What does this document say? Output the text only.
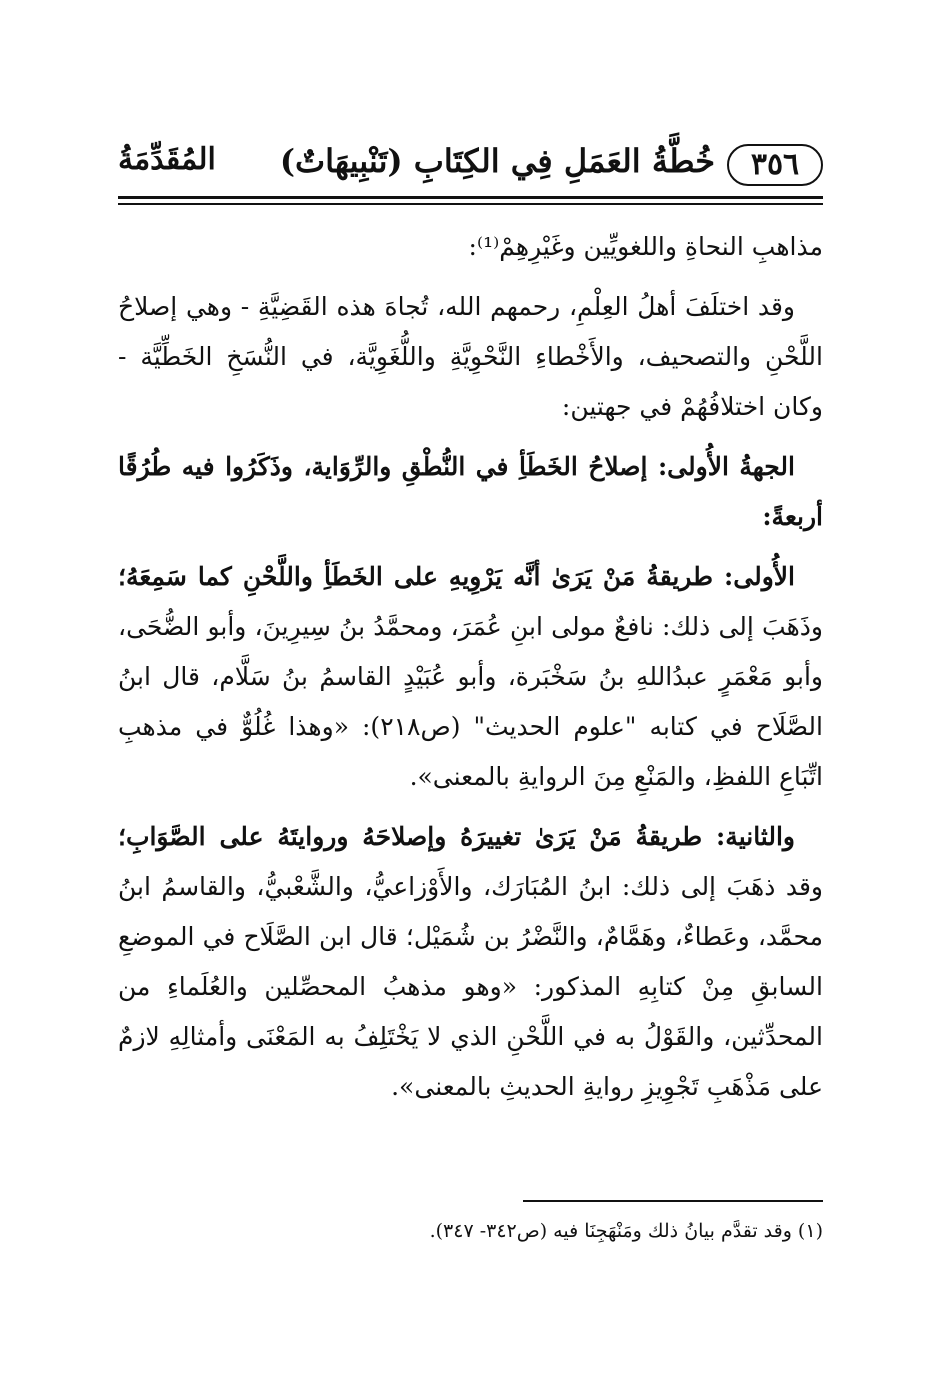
٣٥٦
خُطَّةُ العَمَلِ فِي الكِتَابِ (تَنْبِيهَاتٌ)
المُقَدِّمَةُ

مذاهبِ النحاةِ واللغويِّين وغَيْرِهِمْ⁽¹⁾:

وقد اختلَفَ أهلُ العِلْمِ، رحمهم الله، تُجاهَ هذه القَضِيَّةِ - وهي إصلاحُ اللَّحْنِ والتصحيف، والأَخْطاءِ النَّحْوِيَّةِ واللُّغَوِيَّة، في النُّسَخِ الخَطِّيَّة - وكان اختلافُهُمْ في جهتين:

الجهةُ الأُولى: إصلاحُ الخَطَأِ في النُّطْقِ والرِّوَاية، وذَكَرُوا فيه طُرُقًا أربعةً:

الأُولى: طريقةُ مَنْ يَرَىٰ أنَّه يَرْوِيهِ على الخَطَأِ واللَّحْنِ كما سَمِعَهُ؛ وذَهَبَ إلى ذلك: نافعٌ مولى ابنِ عُمَرَ، ومحمَّدُ بنُ سِيرِينَ، وأبو الضُّحَى، وأبو مَعْمَرٍ عبدُاللهِ بنُ سَخْبَرة، وأبو عُبَيْدٍ القاسمُ بنُ سَلَّام، قال ابنُ الصَّلَاح في كتابه "علوم الحديث" (ص٢١٨): «وهذا غُلُوٌّ في مذهبِ اتِّبَاعِ اللفظِ، والمَنْعِ مِنَ الروايةِ بالمعنى».

والثانية: طريقةُ مَنْ يَرَىٰ تغييرَهُ وإصلاحَهُ وروايتَهُ على الصَّوَابِ؛ وقد ذهَبَ إلى ذلك: ابنُ المُبَارَك، والأَوْزاعيُّ، والشَّعْبيُّ، والقاسمُ ابنُ محمَّد، وعَطاءٌ، وهَمَّامٌ، والنَّضْرُ بن شُمَيْل؛ قال ابن الصَّلَاح في الموضعِ السابقِ مِنْ كتابِهِ المذكور: «وهو مذهبُ المحصِّلين والعُلَماءِ من المحدِّثين، والقَوْلُ به في اللَّحْنِ الذي لا يَخْتَلِفُ به المَعْنَى وأمثالِهِ لازمٌ على مَذْهَبِ تَجْوِيزِ روايةِ الحديثِ بالمعنى».

(١) وقد تقدَّم بيانُ ذلك ومَنْهَجِنَا فيه (ص٣٤٢- ٣٤٧).
